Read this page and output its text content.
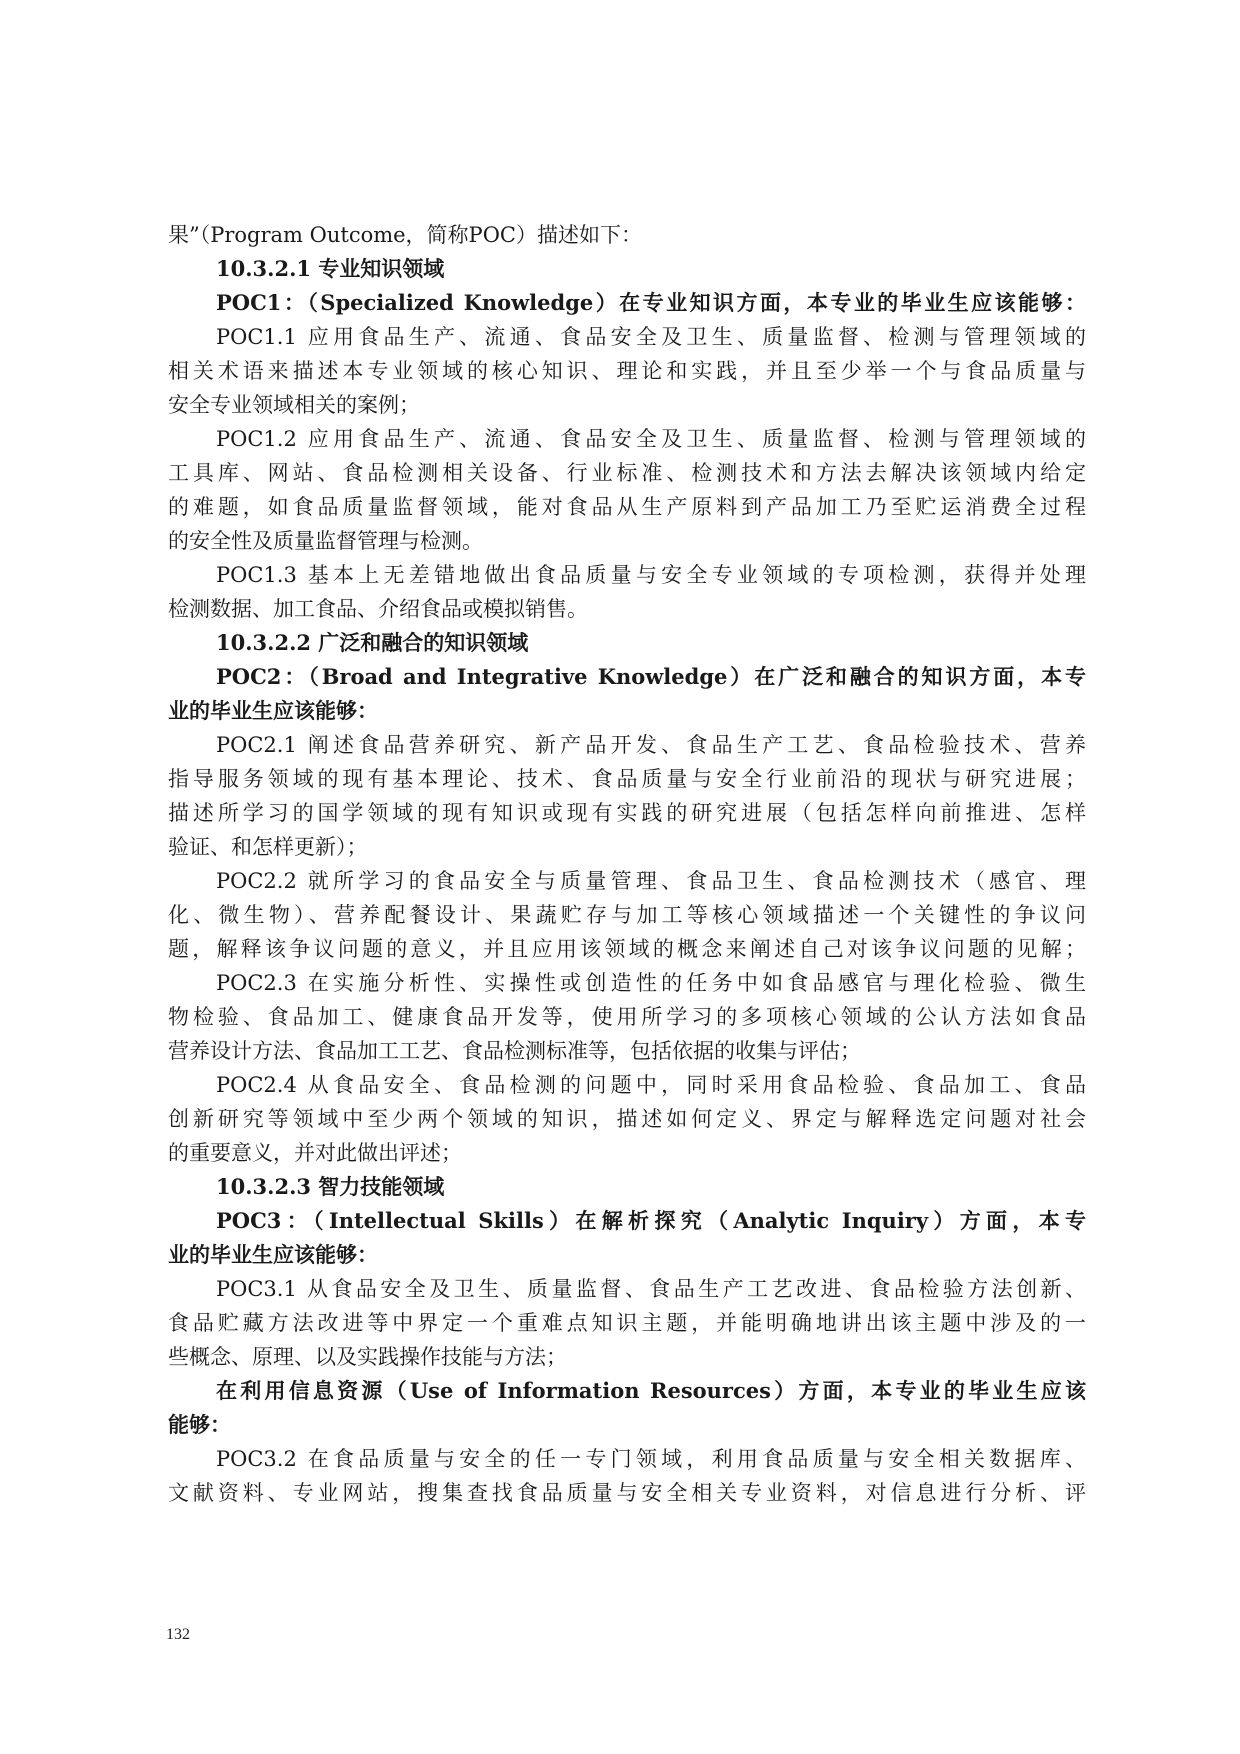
果”（Program Outcome，简称POC）描述如下：
10.3.2.1 专业知识领域
POC1：（Specialized Knowledge）在专业知识方面，本专业的毕业生应该能够：
POC1.1 应用食品生产、流通、食品安全及卫生、质量监督、检测与管理领域的
相关术语来描述本专业领域的核心知识、理论和实践，并且至少举一个与食品质量与
安全专业领域相关的案例；
POC1.2 应用食品生产、流通、食品安全及卫生、质量监督、检测与管理领域的
工具库、网站、食品检测相关设备、行业标准、检测技术和方法去解决该领域内给定
的难题，如食品质量监督领域，能对食品从生产原料到产品加工乃至贮运消费全过程
的安全性及质量监督管理与检测。
POC1.3 基本上无差错地做出食品质量与安全专业领域的专项检测，获得并处理
检测数据、加工食品、介绍食品或模拟销售。
10.3.2.2 广泛和融合的知识领域
POC2：（Broad and Integrative Knowledge）在广泛和融合的知识方面，本专
业的毕业生应该能够：
POC2.1 阐述食品营养研究、新产品开发、食品生产工艺、食品检验技术、营养
指导服务领域的现有基本理论、技术、食品质量与安全行业前沿的现状与研究进展；
描述所学习的国学领域的现有知识或现有实践的研究进展（包括怎样向前推进、怎样
验证、和怎样更新）；
POC2.2 就所学习的食品安全与质量管理、食品卫生、食品检测技术（感官、理
化、微生物）、营养配餐设计、果蔬贮存与加工等核心领域描述一个关键性的争议问
题，解释该争议问题的意义，并且应用该领域的概念来阐述自己对该争议问题的见解；
POC2.3 在实施分析性、实操性或创造性的任务中如食品感官与理化检验、微生
物检验、食品加工、健康食品开发等，使用所学习的多项核心领域的公认方法如食品
营养设计方法、食品加工工艺、食品检测标准等，包括依据的收集与评估；
POC2.4 从食品安全、食品检测的问题中，同时采用食品检验、食品加工、食品
创新研究等领域中至少两个领域的知识，描述如何定义、界定与解释选定问题对社会
的重要意义，并对此做出评述；
10.3.2.3 智力技能领域
POC3：（Intellectual Skills）在解析探究（Analytic Inquiry）方面，本专
业的毕业生应该能够：
POC3.1 从食品安全及卫生、质量监督、食品生产工艺改进、食品检验方法创新、
食品贮藏方法改进等中界定一个重难点知识主题，并能明确地讲出该主题中涉及的一
些概念、原理、以及实践操作技能与方法；
在利用信息资源（Use of Information Resources）方面，本专业的毕业生应该
能够：
POC3.2 在食品质量与安全的任一专门领域，利用食品质量与安全相关数据库、
文献资料、专业网站，搜集查找食品质量与安全相关专业资料，对信息进行分析、评
132
